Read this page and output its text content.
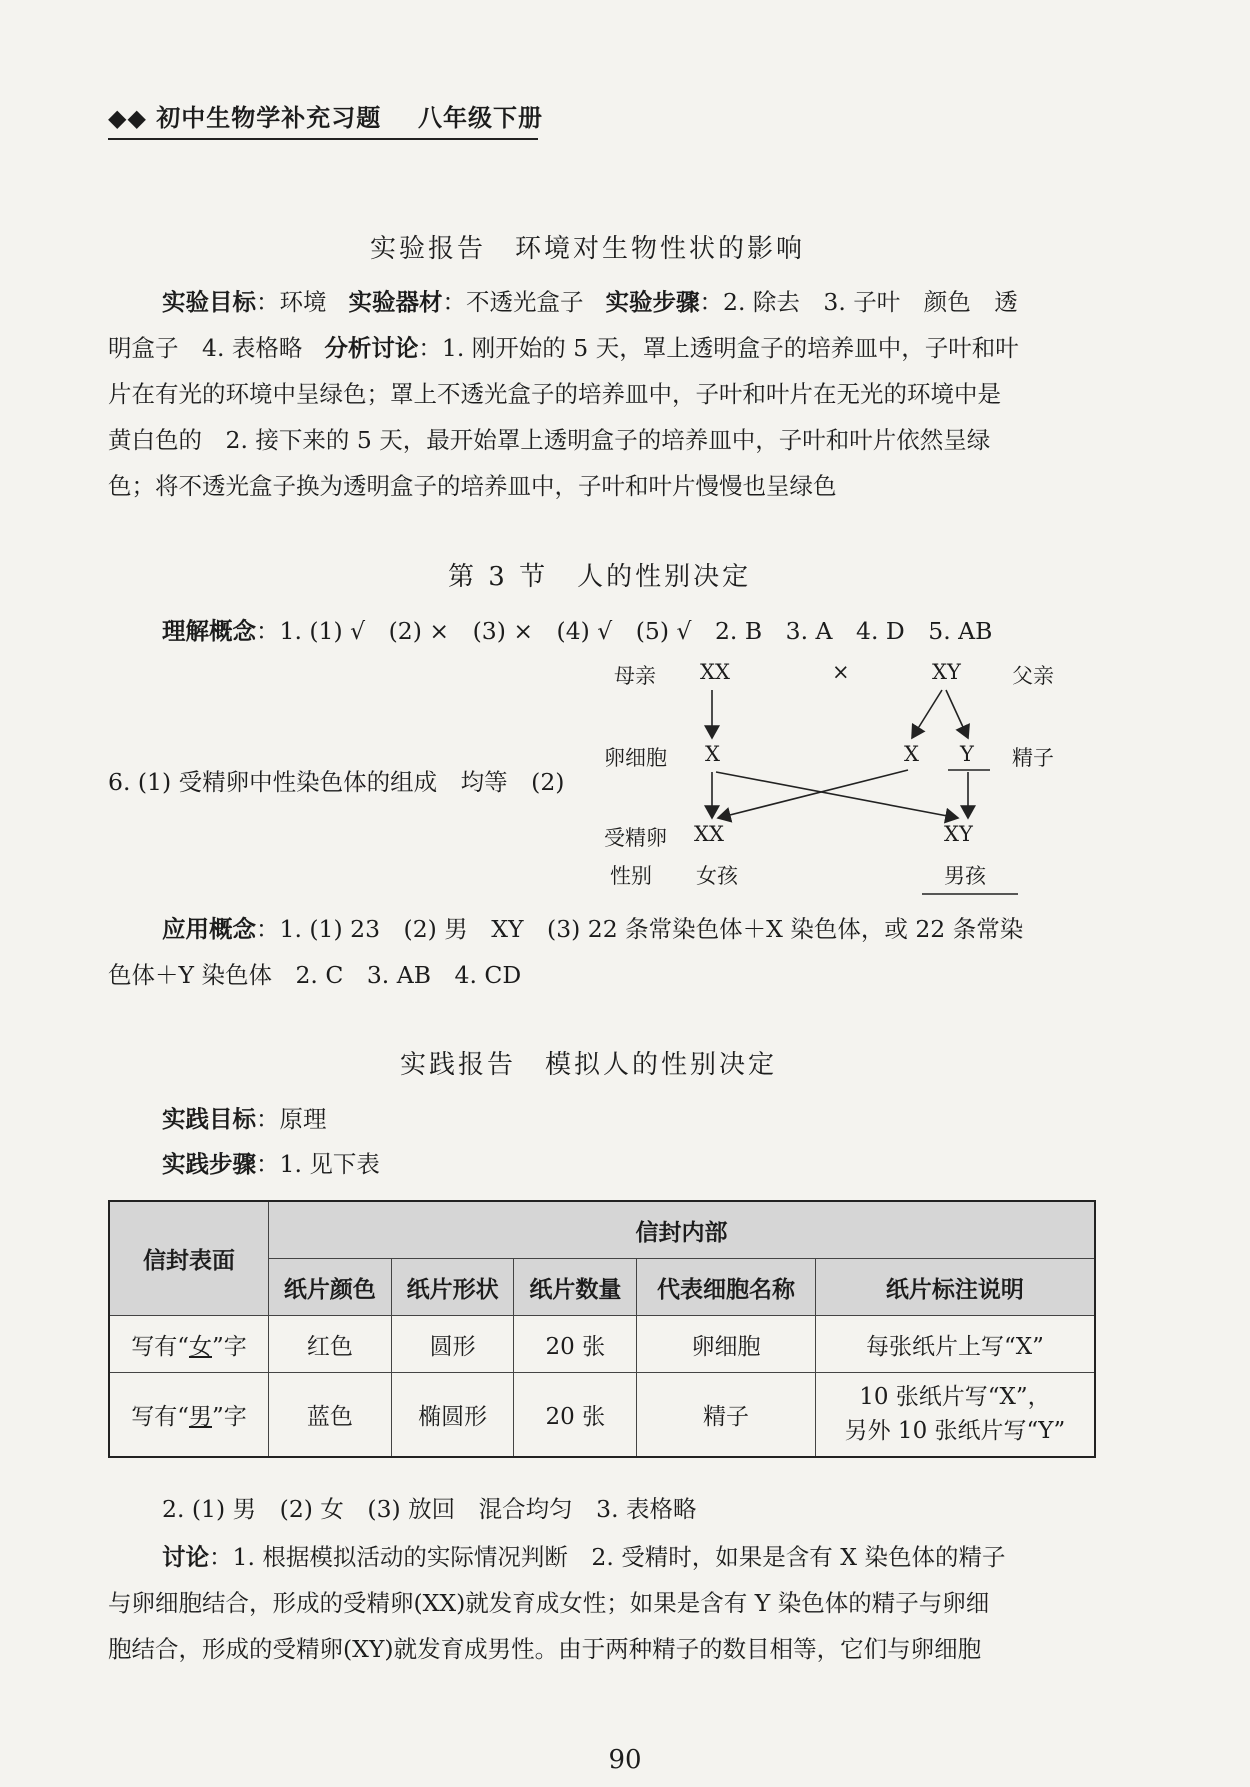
◆◆ 初中生物学补充习题 八年级下册
实验报告　环境对生物性状的影响
实验目标：环境 实验器材：不透光盒子 实验步骤：2. 除去　3. 子叶　颜色　透
明盒子　4. 表格略 分析讨论：1. 刚开始的 5 天，罩上透明盒子的培养皿中，子叶和叶
片在有光的环境中呈绿色；罩上不透光盒子的培养皿中，子叶和叶片在无光的环境中是
黄白色的　2. 接下来的 5 天，最开始罩上透明盒子的培养皿中，子叶和叶片依然呈绿
色；将不透光盒子换为透明盒子的培养皿中，子叶和叶片慢慢也呈绿色
第 3 节　人的性别决定
理解概念：1. (1) √　(2) ×　(3) ×　(4) √　(5) √　2. B　3. A　4. D　5. AB
6. (1) 受精卵中性染色体的组成　均等　(2)
母亲 XX	×	XY 父亲
卵细胞 X	X Y 精子
受精卵 XX	XY
性别 女孩	男孩
应用概念：1. (1) 23　(2) 男　XY　(3) 22 条常染色体＋X 染色体，或 22 条常染
色体＋Y 染色体　2. C　3. AB　4. CD
实践报告　模拟人的性别决定
实践目标：原理
实践步骤：1. 见下表
信封表面	信封内部				
	纸片颜色	纸片形状	纸片数量	代表细胞名称	纸片标注说明
写有“女”字	红色	圆形	20 张	卵细胞	每张纸片上写“X”
写有“男”字	蓝色	椭圆形	20 张	精子	10 张纸片写“X”，
另外 10 张纸片写“Y”
2. (1) 男　(2) 女　(3) 放回　混合均匀　3. 表格略
讨论：1. 根据模拟活动的实际情况判断　2. 受精时，如果是含有 X 染色体的精子
与卵细胞结合，形成的受精卵(XX)就发育成女性；如果是含有 Y 染色体的精子与卵细
胞结合，形成的受精卵(XY)就发育成男性。由于两种精子的数目相等，它们与卵细胞
90
